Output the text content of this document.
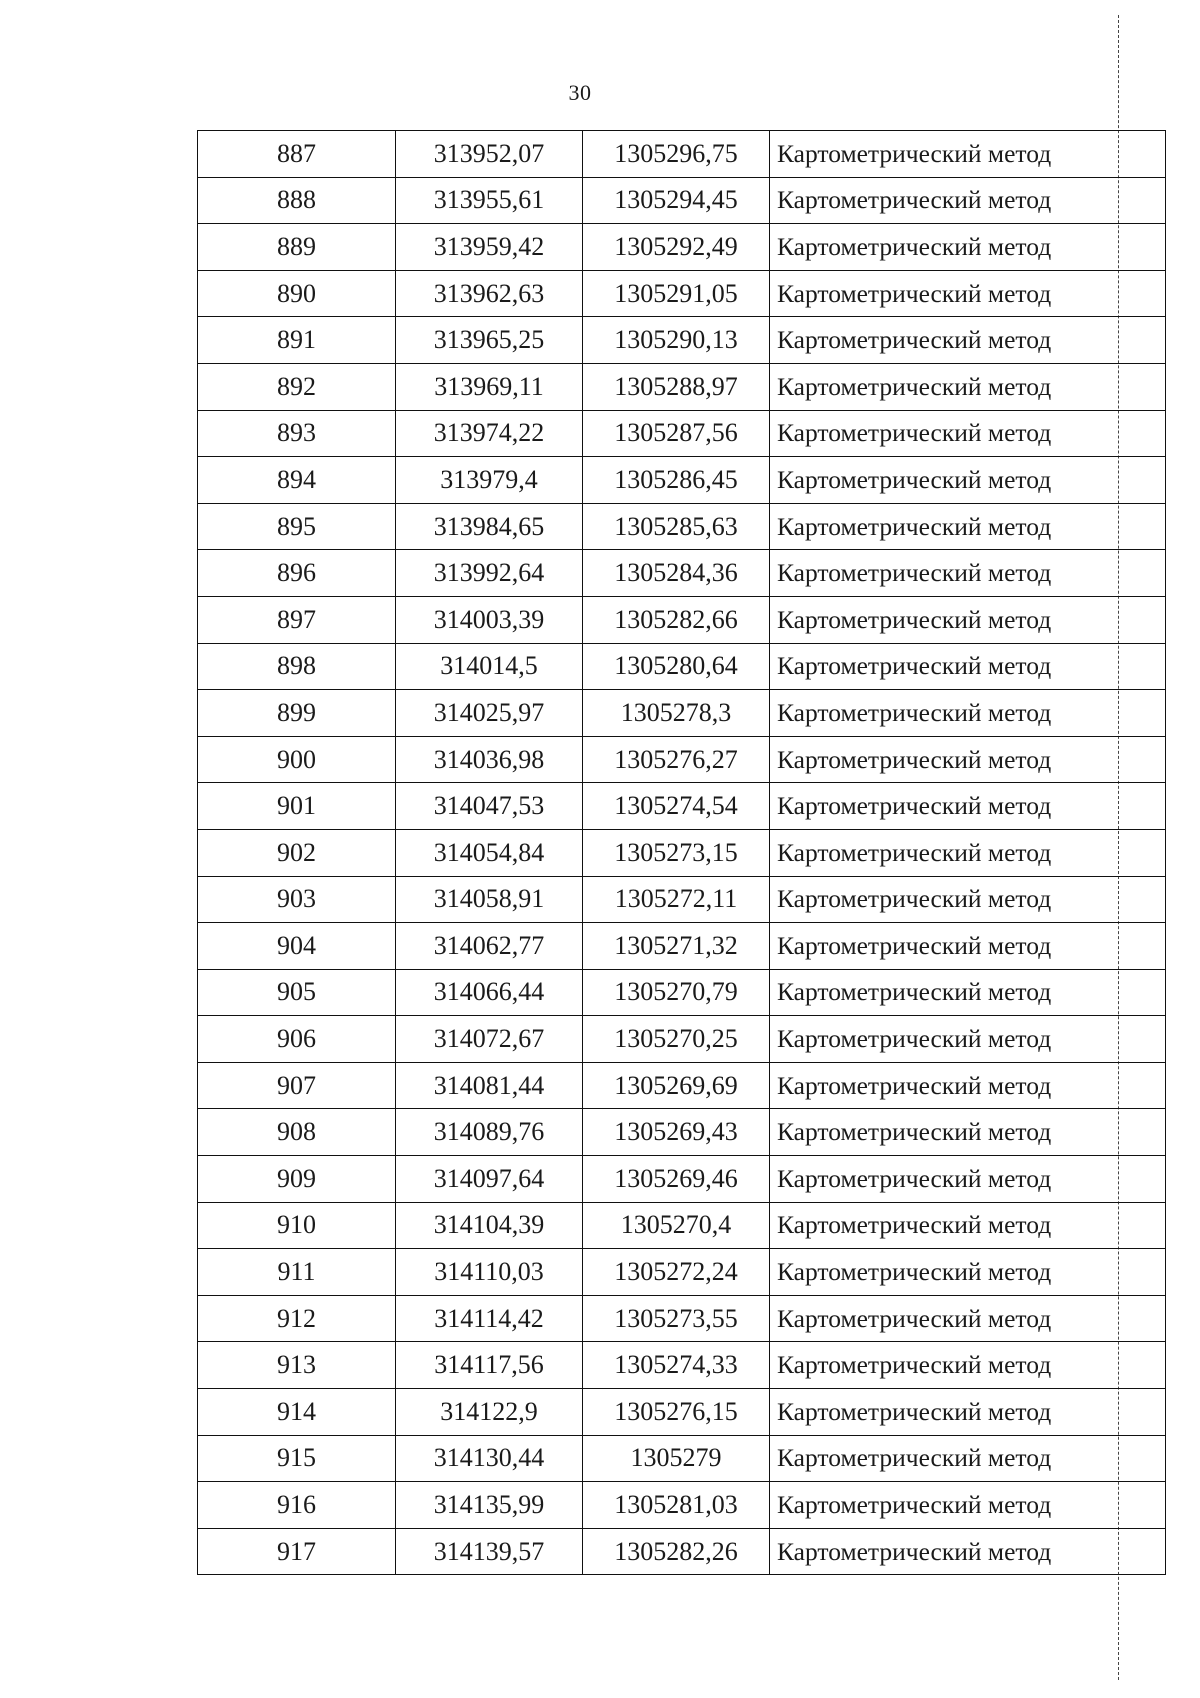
30
887	313952,07	1305296,75	Картометрический метод
888	313955,61	1305294,45	Картометрический метод
889	313959,42	1305292,49	Картометрический метод
890	313962,63	1305291,05	Картометрический метод
891	313965,25	1305290,13	Картометрический метод
892	313969,11	1305288,97	Картометрический метод
893	313974,22	1305287,56	Картометрический метод
894	313979,4	1305286,45	Картометрический метод
895	313984,65	1305285,63	Картометрический метод
896	313992,64	1305284,36	Картометрический метод
897	314003,39	1305282,66	Картометрический метод
898	314014,5	1305280,64	Картометрический метод
899	314025,97	1305278,3	Картометрический метод
900	314036,98	1305276,27	Картометрический метод
901	314047,53	1305274,54	Картометрический метод
902	314054,84	1305273,15	Картометрический метод
903	314058,91	1305272,11	Картометрический метод
904	314062,77	1305271,32	Картометрический метод
905	314066,44	1305270,79	Картометрический метод
906	314072,67	1305270,25	Картометрический метод
907	314081,44	1305269,69	Картометрический метод
908	314089,76	1305269,43	Картометрический метод
909	314097,64	1305269,46	Картометрический метод
910	314104,39	1305270,4	Картометрический метод
911	314110,03	1305272,24	Картометрический метод
912	314114,42	1305273,55	Картометрический метод
913	314117,56	1305274,33	Картометрический метод
914	314122,9	1305276,15	Картометрический метод
915	314130,44	1305279	Картометрический метод
916	314135,99	1305281,03	Картометрический метод
917	314139,57	1305282,26	Картометрический метод
